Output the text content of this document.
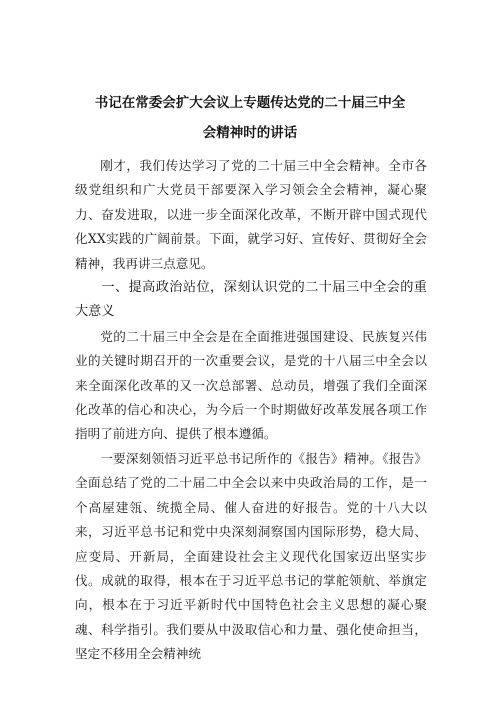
书记在常委会扩大会议上专题传达党的二十届三中全
会精神时的讲话

刚才，我们传达学习了党的二十届三中全会精神。全市各级党组织和广大党员干部要深入学习领会全会精神，凝心聚力、奋发进取，以进一步全面深化改革，不断开辟中国式现代化XX实践的广阔前景。下面，就学习好、宣传好、贯彻好全会精神，我再讲三点意见。

一、提高政治站位，深刻认识党的二十届三中全会的重大意义

党的二十届三中全会是在全面推进强国建设、民族复兴伟业的关键时期召开的一次重要会议，是党的十八届三中全会以来全面深化改革的又一次总部署、总动员，增强了我们全面深化改革的信心和决心，为今后一个时期做好改革发展各项工作指明了前进方向、提供了根本遵循。

一要深刻领悟习近平总书记所作的《报告》精神。《报告》全面总结了党的二十届二中全会以来中央政治局的工作，是一个高屋建瓴、统揽全局、催人奋进的好报告。党的十八大以来，习近平总书记和党中央深刻洞察国内国际形势，稳大局、应变局、开新局，全面建设社会主义现代化国家迈出坚实步伐。成就的取得，根本在于习近平总书记的掌舵领航、举旗定向，根本在于习近平新时代中国特色社会主义思想的凝心聚魂、科学指引。我们要从中汲取信心和力量、强化使命担当，坚定不移用全会精神统
